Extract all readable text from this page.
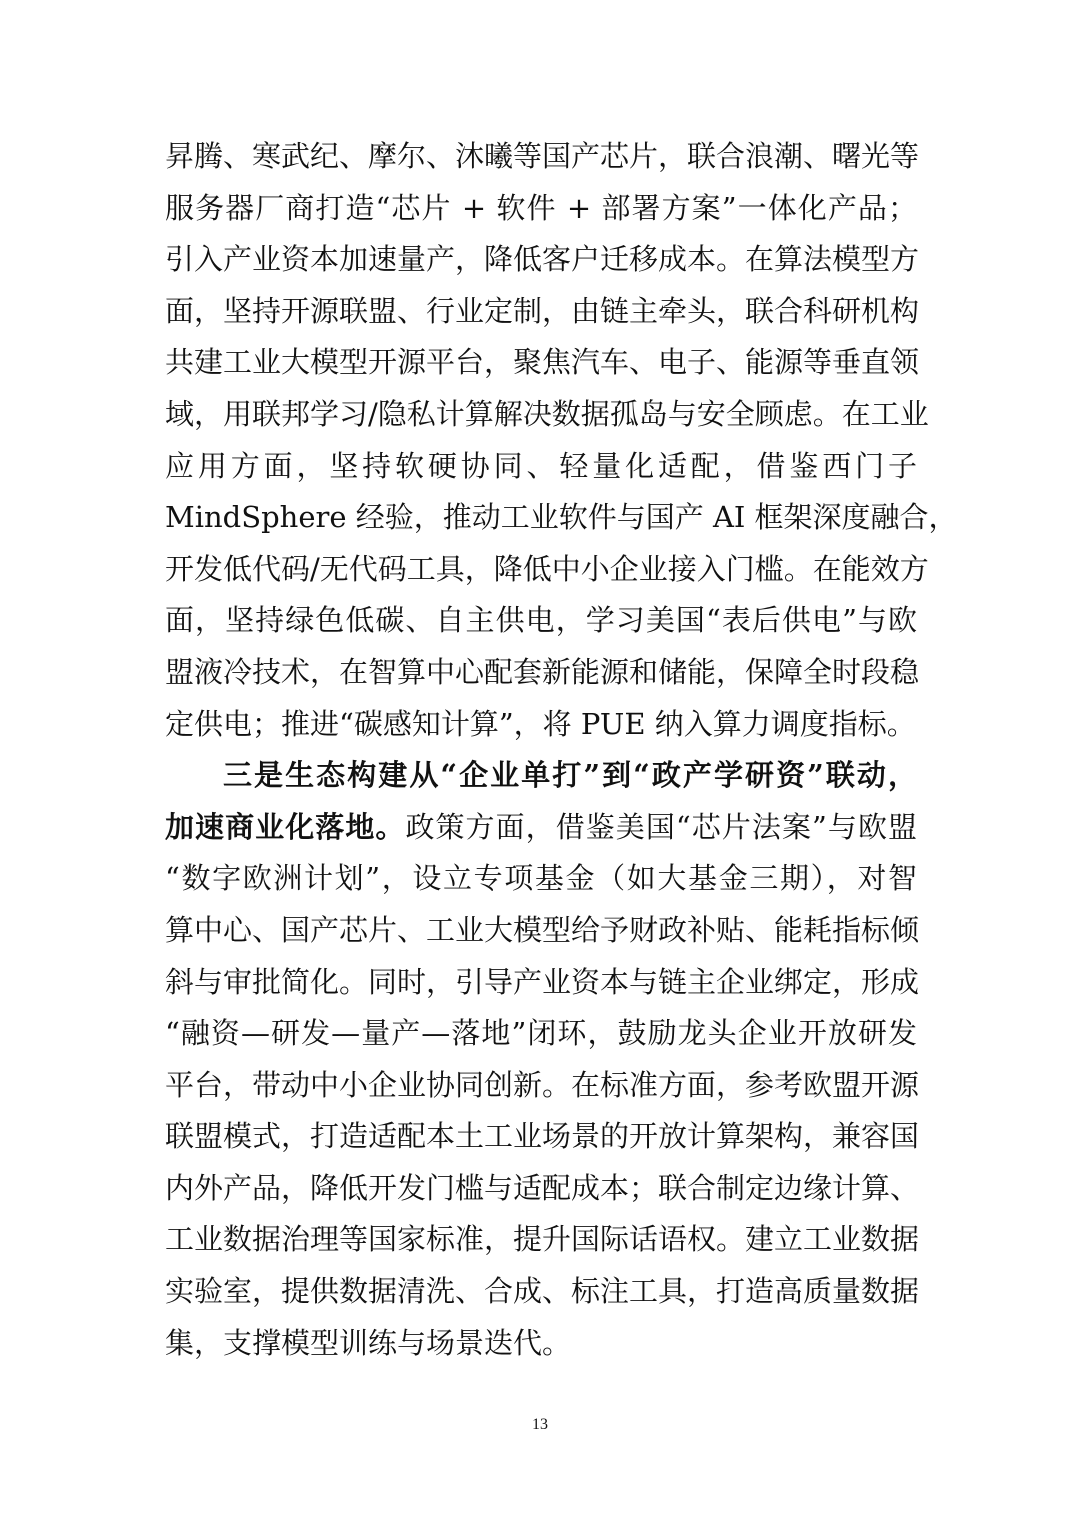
昇腾、寒武纪、摩尔、沐曦等国产芯片，联合浪潮、曙光等
服务器厂商打造“芯片 + 软件 + 部署方案”一体化产品；
引入产业资本加速量产，降低客户迁移成本。在算法模型方
面，坚持开源联盟、行业定制，由链主牵头，联合科研机构
共建工业大模型开源平台，聚焦汽车、电子、能源等垂直领
域，用联邦学习/隐私计算解决数据孤岛与安全顾虑。在工业
应用方面，坚持软硬协同、轻量化适配，借鉴西门子
MindSphere 经验，推动工业软件与国产 AI 框架深度融合，
开发低代码/无代码工具，降低中小企业接入门槛。在能效方
面，坚持绿色低碳、自主供电，学习美国“表后供电”与欧
盟液冷技术，在智算中心配套新能源和储能，保障全时段稳
定供电；推进“碳感知计算”，将 PUE 纳入算力调度指标。
三是生态构建从“企业单打”到“政产学研资”联动，
加速商业化落地。政策方面，借鉴美国“芯片法案”与欧盟
“数字欧洲计划”，设立专项基金（如大基金三期），对智
算中心、国产芯片、工业大模型给予财政补贴、能耗指标倾
斜与审批简化。同时，引导产业资本与链主企业绑定，形成
“融资—研发—量产—落地”闭环，鼓励龙头企业开放研发
平台，带动中小企业协同创新。在标准方面，参考欧盟开源
联盟模式，打造适配本土工业场景的开放计算架构，兼容国
内外产品，降低开发门槛与适配成本；联合制定边缘计算、
工业数据治理等国家标准，提升国际话语权。建立工业数据
实验室，提供数据清洗、合成、标注工具，打造高质量数据
集，支撑模型训练与场景迭代。
13
